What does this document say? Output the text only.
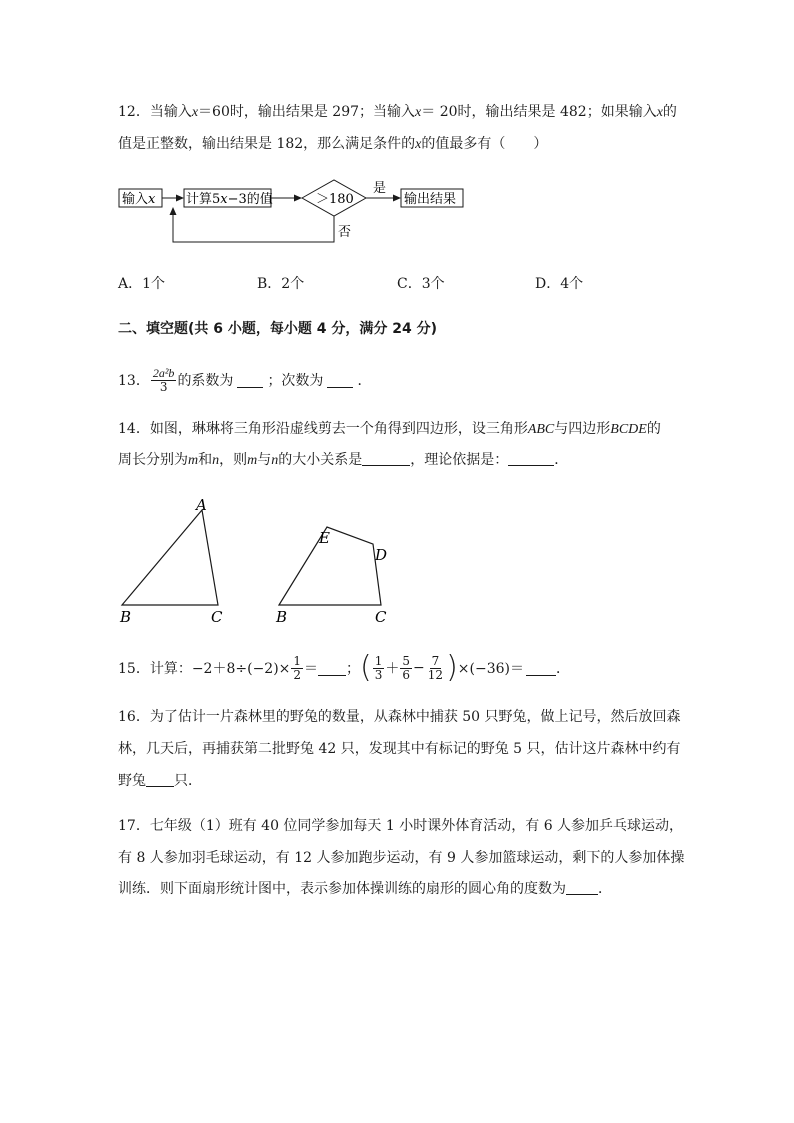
12．当输入x＝60时，输出结果是 297；当输入x＝ 20时，输出结果是 482；如果输入x的
值是正整数，输出结果是 182，那么满足条件的x的值最多有（　　）
输入x 计算5x−3的值	＞180	输出结果
是
否
A．1个	B．2个	C．3个	D．4个
二、填空题(共 6 小题，每小题 4 分，满分 24 分)
13． $\frac{\text{2a²b}}{3}$ 的系数为 ；次数为 ．
14．如图，琳琳将三角形沿虚线剪去一个角得到四边形，设三角形ABC与四边形BCDE的
周长分别为m和n，则m与n的大小关系是	，理论依据是：	．
A
B	C	B	C
D
E
15．计算： $-2+8\div(-2)\times \frac{1}{2}$ ＝ ； ( $\frac{1}{3} + \frac{5}{6} - \frac{7}{12}$ ) ×(−36)＝ ．
16．为了估计一片森林里的野兔的数量，从森林中捕获 50 只野兔，做上记号，然后放回森
林，几天后，再捕获第二批野兔 42 只，发现其中有标记的野兔 5 只，估计这片森林中约有
野兔 只．
17．七年级（1）班有 40 位同学参加每天 1 小时课外体育活动，有 6 人参加乒乓球运动，
有 8 人参加羽毛球运动，有 12 人参加跑步运动，有 9 人参加篮球运动，剩下的人参加体操
训练．则下面扇形统计图中，表示参加体操训练的扇形的圆心角的度数为 ．
